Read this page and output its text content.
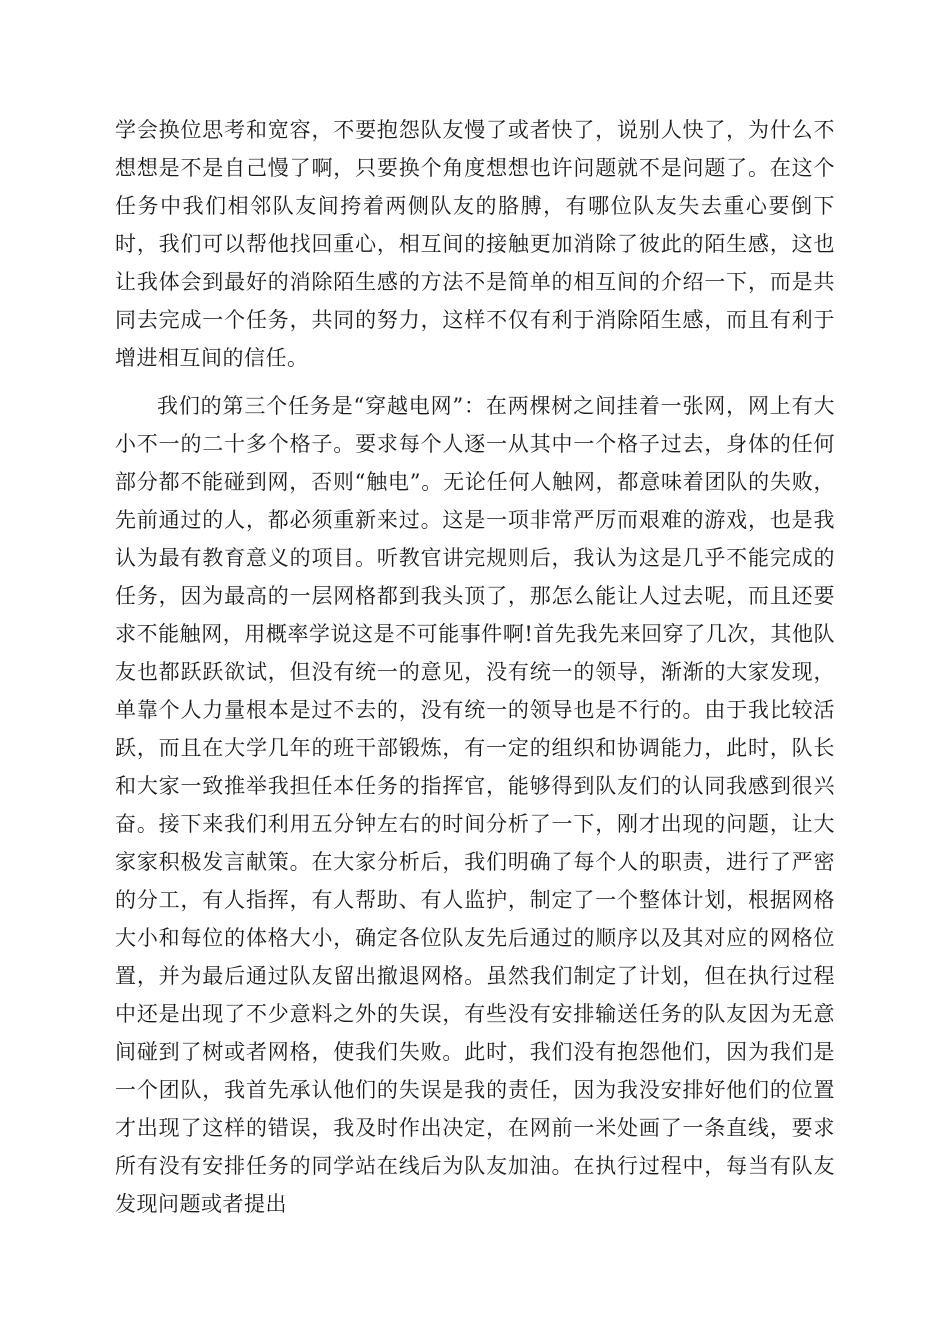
学会换位思考和宽容，不要抱怨队友慢了或者快了，说别人快了，为什么不想想是不是自己慢了啊，只要换个角度想想也许问题就不是问题了。在这个任务中我们相邻队友间挎着两侧队友的胳膊，有哪位队友失去重心要倒下时，我们可以帮他找回重心，相互间的接触更加消除了彼此的陌生感，这也让我体会到最好的消除陌生感的方法不是简单的相互间的介绍一下，而是共同去完成一个任务，共同的努力，这样不仅有利于消除陌生感，而且有利于增进相互间的信任。

我们的第三个任务是“穿越电网”：在两棵树之间挂着一张网，网上有大小不一的二十多个格子。要求每个人逐一从其中一个格子过去，身体的任何部分都不能碰到网，否则“触电”。无论任何人触网，都意味着团队的失败，先前通过的人，都必须重新来过。这是一项非常严厉而艰难的游戏，也是我认为最有教育意义的项目。听教官讲完规则后，我认为这是几乎不能完成的任务，因为最高的一层网格都到我头顶了，那怎么能让人过去呢，而且还要求不能触网，用概率学说这是不可能事件啊!首先我先来回穿了几次，其他队友也都跃跃欲试，但没有统一的意见，没有统一的领导，渐渐的大家发现，单靠个人力量根本是过不去的，没有统一的领导也是不行的。由于我比较活跃，而且在大学几年的班干部锻炼，有一定的组织和协调能力，此时，队长和大家一致推举我担任本任务的指挥官，能够得到队友们的认同我感到很兴奋。接下来我们利用五分钟左右的时间分析了一下，刚才出现的问题，让大家家积极发言献策。在大家分析后，我们明确了每个人的职责，进行了严密的分工，有人指挥，有人帮助、有人监护，制定了一个整体计划，根据网格大小和每位的体格大小，确定各位队友先后通过的顺序以及其对应的网格位置，并为最后通过队友留出撤退网格。虽然我们制定了计划，但在执行过程中还是出现了不少意料之外的失误，有些没有安排输送任务的队友因为无意间碰到了树或者网格，使我们失败。此时，我们没有抱怨他们，因为我们是一个团队，我首先承认他们的失误是我的责任，因为我没安排好他们的位置才出现了这样的错误，我及时作出决定，在网前一米处画了一条直线，要求所有没有安排任务的同学站在线后为队友加油。在执行过程中，每当有队友发现问题或者提出
